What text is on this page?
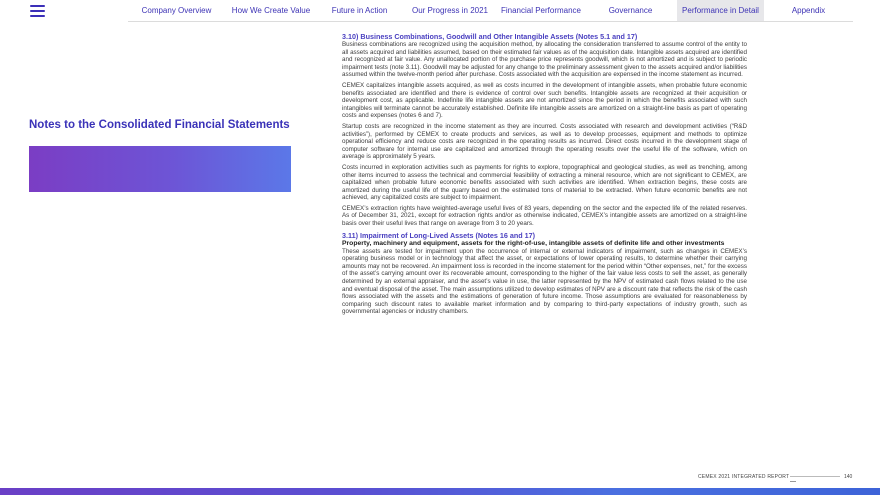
Company Overview	How We Create Value	Future in Action	Our Progress in 2021	Financial Performance	Governance	Performance in Detail	Appendix
Notes to the Consolidated Financial Statements
3.10) Business Combinations, Goodwill and Other Intangible Assets (Notes 5.1 and 17)

Business combinations are recognized using the acquisition method, by allocating the consideration transferred to assume control of the entity to all assets acquired and liabilities assumed, based on their estimated fair values as of the acquisition date. Intangible assets acquired are identified and recognized at fair value. Any unallocated portion of the purchase price represents goodwill, which is not amortized and is subject to periodic impairment tests (note 3.11). Goodwill may be adjusted for any change to the preliminary assessment given to the assets acquired and/or liabilities assumed within the twelve-month period after purchase. Costs associated with the acquisition are expensed in the income statement as incurred.

CEMEX capitalizes intangible assets acquired, as well as costs incurred in the development of intangible assets, when probable future economic benefits associated are identified and there is evidence of control over such benefits. Intangible assets are recognized at their acquisition or development cost, as applicable. Indefinite life intangible assets are not amortized since the period in which the benefits associated with such intangibles will terminate cannot be accurately established. Definite life intangible assets are amortized on a straight-line basis as part of operating costs and expenses (notes 6 and 7).

Startup costs are recognized in the income statement as they are incurred. Costs associated with research and development activities (“R&D activities”), performed by CEMEX to create products and services, as well as to develop processes, equipment and methods to optimize operational efficiency and reduce costs are recognized in the operating results as incurred. Direct costs incurred in the development stage of computer software for internal use are capitalized and amortized through the operating results over the useful life of the software, which on average is approximately 5 years.

Costs incurred in exploration activities such as payments for rights to explore, topographical and geological studies, as well as trenching, among other items incurred to assess the technical and commercial feasibility of extracting a mineral resource, which are not significant to CEMEX, are capitalized when probable future economic benefits associated with such activities are identified. When extraction begins, these costs are amortized during the useful life of the quarry based on the estimated tons of material to be extracted. When future economic benefits are not achieved, any capitalized costs are subject to impairment.

CEMEX’s extraction rights have weighted-average useful lives of 83 years, depending on the sector and the expected life of the related reserves. As of December 31, 2021, except for extraction rights and/or as otherwise indicated, CEMEX’s intangible assets are amortized on a straight-line basis over their useful lives that range on average from 3 to 20 years.

3.11) Impairment of Long-Lived Assets (Notes 16 and 17)
Property, machinery and equipment, assets for the right-of-use, intangible assets of definite life and other investments

These assets are tested for impairment upon the occurrence of internal or external indicators of impairment, such as changes in CEMEX’s operating business model or in technology that affect the asset, or expectations of lower operating results, to determine whether their carrying amounts may not be recovered. An impairment loss is recorded in the income statement for the period within “Other expenses, net,” for the excess of the asset’s carrying amount over its recoverable amount, corresponding to the higher of the fair value less costs to sell the asset, as generally determined by an external appraiser, and the asset’s value in use, the latter represented by the NPV of estimated cash flows related to the use and eventual disposal of the asset. The main assumptions utilized to develop estimates of NPV are a discount rate that reflects the risk of the cash flows associated with the assets and the estimations of generation of future income. Those assumptions are evaluated for reasonableness by comparing such discount rates to available market information and by comparing to third-party expectations of industry growth, such as governmental agencies or industry chambers.

CEMEX 2021 INTEGRATED REPORT	140
